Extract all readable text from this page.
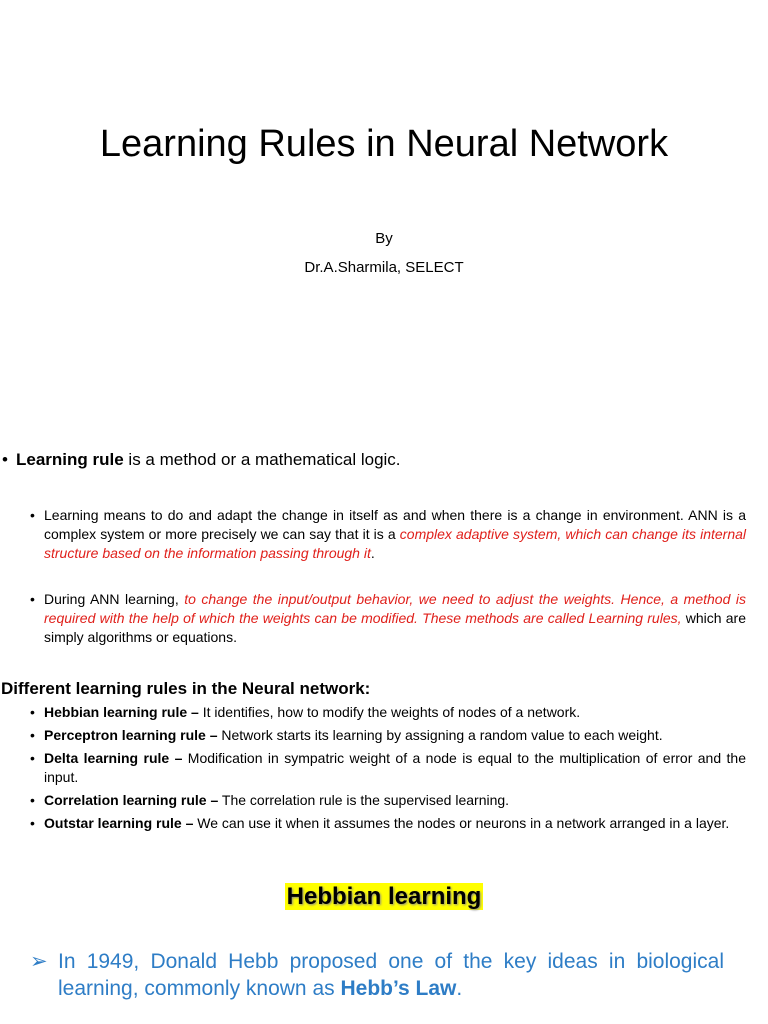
Learning Rules in Neural Network
By
Dr.A.Sharmila, SELECT
• Learning rule is a method or a mathematical logic.
• Learning means to do and adapt the change in itself as and when there is a change in environment. ANN is a complex system or more precisely we can say that it is a complex adaptive system, which can change its internal structure based on the information passing through it.
• During ANN learning, to change the input/output behavior, we need to adjust the weights. Hence, a method is required with the help of which the weights can be modified. These methods are called Learning rules, which are simply algorithms or equations.
Different learning rules in the Neural network:
• Hebbian learning rule – It identifies, how to modify the weights of nodes of a network.
• Perceptron learning rule – Network starts its learning by assigning a random value to each weight.
• Delta learning rule – Modification in sympatric weight of a node is equal to the multiplication of error and the input.
• Correlation learning rule – The correlation rule is the supervised learning.
• Outstar learning rule – We can use it when it assumes the nodes or neurons in a network arranged in a layer.
Hebbian learning
➢ In 1949, Donald Hebb proposed one of the key ideas in biological learning, commonly known as Hebb’s Law.
